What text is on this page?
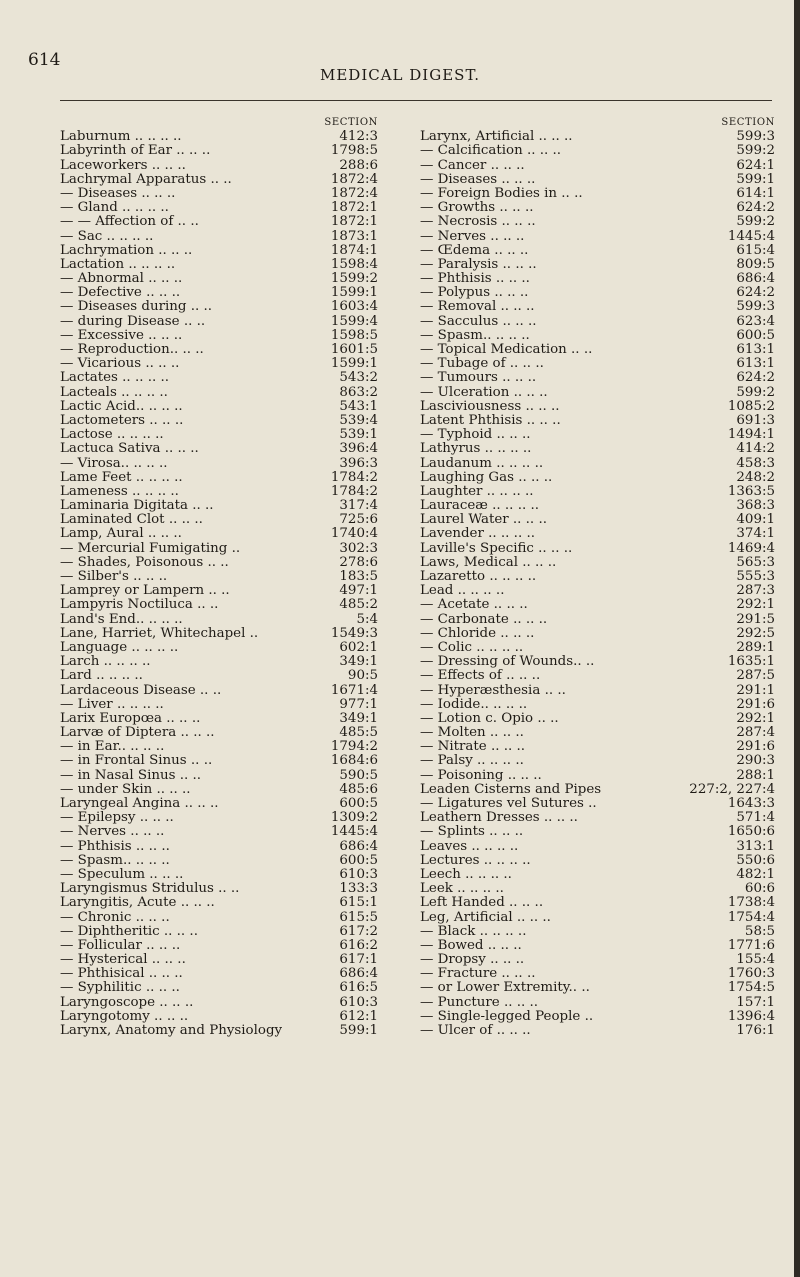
614
MEDICAL DIGEST.
SECTION
Laburnum .. .. .. ..	412:3
Labyrinth of Ear .. .. ..	1798:5
Laceworkers .. .. ..	288:6
Lachrymal Apparatus .. ..	1872:4
— Diseases .. .. ..	1872:4
— Gland .. .. .. ..	1872:1
— — Affection of .. ..	1872:1
— Sac .. .. .. ..	1873:1
Lachrymation .. .. ..	1874:1
Lactation .. .. .. ..	1598:4
— Abnormal .. .. ..	1599:2
— Defective .. .. ..	1599:1
— Diseases during .. ..	1603:4
— during Disease .. ..	1599:4
— Excessive .. .. ..	1598:5
— Reproduction.. .. ..	1601:5
— Vicarious .. .. ..	1599:1
Lactates .. .. .. ..	543:2
Lacteals .. .. .. ..	863:2
Lactic Acid.. .. .. ..	543:1
Lactometers .. .. ..	539:4
Lactose .. .. .. ..	539:1
Lactuca Sativa .. .. ..	396:4
— Virosa.. .. .. ..	396:3
Lame Feet .. .. .. ..	1784:2
Lameness .. .. .. ..	1784:2
Laminaria Digitata .. ..	317:4
Laminated Clot .. .. ..	725:6
Lamp, Aural .. .. ..	1740:4
— Mercurial Fumigating ..	302:3
— Shades, Poisonous .. ..	278:6
— Silber's .. .. ..	183:5
Lamprey or Lampern .. ..	497:1
Lampyris Noctiluca .. ..	485:2
Land's End.. .. .. ..	5:4
Lane, Harriet, Whitechapel ..	1549:3
Language .. .. .. ..	602:1
Larch .. .. .. ..	349:1
Lard .. .. .. ..	90:5
Lardaceous Disease .. ..	1671:4
— Liver .. .. .. ..	977:1
Larix Europœa .. .. ..	349:1
Larvæ of Diptera .. .. ..	485:5
— in Ear.. .. .. ..	1794:2
— in Frontal Sinus .. ..	1684:6
— in Nasal Sinus .. ..	590:5
— under Skin .. .. ..	485:6
Laryngeal Angina .. .. ..	600:5
— Epilepsy .. .. ..	1309:2
— Nerves .. .. ..	1445:4
— Phthisis .. .. ..	686:4
— Spasm.. .. .. ..	600:5
— Speculum .. .. ..	610:3
Laryngismus Stridulus .. ..	133:3
Laryngitis, Acute .. .. ..	615:1
— Chronic .. .. ..	615:5
— Diphtheritic .. .. ..	617:2
— Follicular .. .. ..	616:2
— Hysterical .. .. ..	617:1
— Phthisical .. .. ..	686:4
— Syphilitic .. .. ..	616:5
Laryngoscope .. .. ..	610:3
Laryngotomy .. .. ..	612:1
Larynx, Anatomy and Physiology	599:1
SECTION
Larynx, Artificial .. .. ..	599:3
— Calcification .. .. ..	599:2
— Cancer .. .. ..	624:1
— Diseases .. .. ..	599:1
— Foreign Bodies in .. ..	614:1
— Growths .. .. ..	624:2
— Necrosis .. .. ..	599:2
— Nerves .. .. ..	1445:4
— Œdema .. .. ..	615:4
— Paralysis .. .. ..	809:5
— Phthisis .. .. ..	686:4
— Polypus .. .. ..	624:2
— Removal .. .. ..	599:3
— Sacculus .. .. ..	623:4
— Spasm.. .. .. ..	600:5
— Topical Medication .. ..	613:1
— Tubage of .. .. ..	613:1
— Tumours .. .. ..	624:2
— Ulceration .. .. ..	599:2
Lasciviousness .. .. ..	1085:2
Latent Phthisis .. .. ..	691:3
— Typhoid .. .. ..	1494:1
Lathyrus .. .. .. ..	414:2
Laudanum .. .. .. ..	458:3
Laughing Gas .. .. ..	248:2
Laughter .. .. .. ..	1363:5
Lauraceæ .. .. .. ..	368:3
Laurel Water .. .. ..	409:1
Lavender .. .. .. ..	374:1
Laville's Specific .. .. ..	1469:4
Laws, Medical .. .. ..	565:3
Lazaretto .. .. .. ..	555:3
Lead .. .. .. ..	287:3
— Acetate .. .. ..	292:1
— Carbonate .. .. ..	291:5
— Chloride .. .. ..	292:5
— Colic .. .. .. ..	289:1
— Dressing of Wounds.. ..	1635:1
— Effects of .. .. ..	287:5
— Hyperæsthesia .. ..	291:1
— Iodide.. .. .. ..	291:6
— Lotion c. Opio .. ..	292:1
— Molten .. .. ..	287:4
— Nitrate .. .. ..	291:6
— Palsy .. .. .. ..	290:3
— Poisoning .. .. ..	288:1
Leaden Cisterns and Pipes	227:2, 227:4
— Ligatures vel Sutures ..	1643:3
Leathern Dresses .. .. ..	571:4
— Splints .. .. ..	1650:6
Leaves .. .. .. ..	313:1
Lectures .. .. .. ..	550:6
Leech .. .. .. ..	482:1
Leek .. .. .. ..	60:6
Left Handed .. .. ..	1738:4
Leg, Artificial .. .. ..	1754:4
— Black .. .. .. ..	58:5
— Bowed .. .. ..	1771:6
— Dropsy .. .. ..	155:4
— Fracture .. .. ..	1760:3
— or Lower Extremity.. ..	1754:5
— Puncture .. .. ..	157:1
— Single-legged People ..	1396:4
— Ulcer of .. .. ..	176:1
